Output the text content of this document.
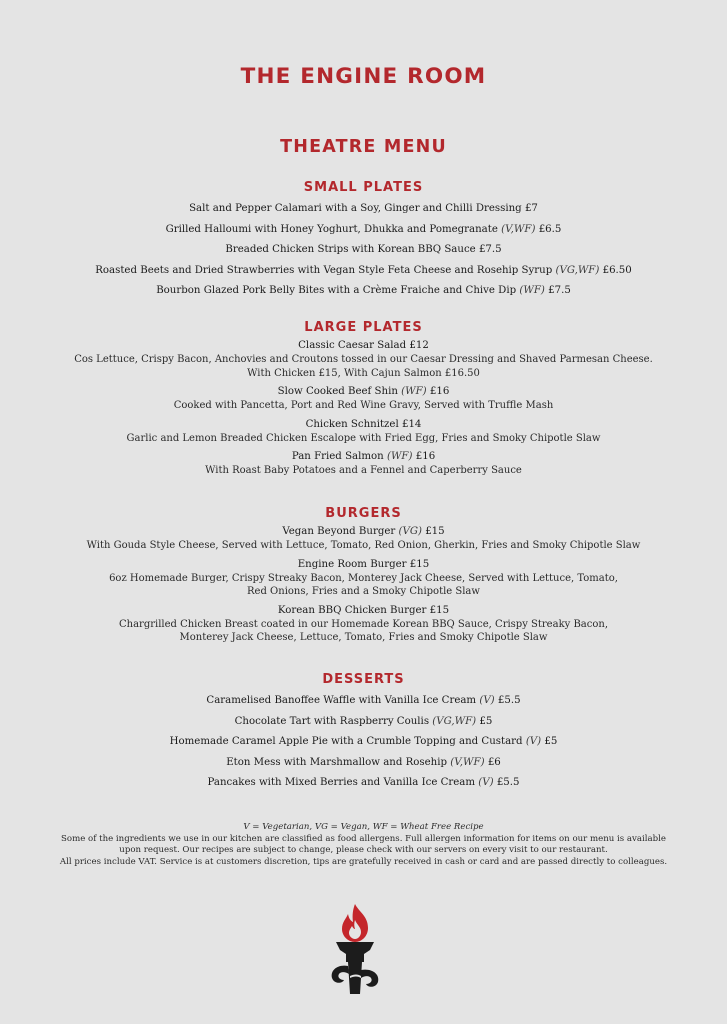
THE ENGINE ROOM
THEATRE MENU
SMALL PLATES
Salt and Pepper Calamari with a Soy, Ginger and Chilli Dressing £7
Grilled Halloumi with Honey Yoghurt, Dhukka and Pomegranate (V,WF) £6.5
Breaded Chicken Strips with Korean BBQ Sauce £7.5
Roasted Beets and Dried Strawberries with Vegan Style Feta Cheese and Rosehip Syrup (VG,WF) £6.50
Bourbon Glazed Pork Belly Bites with a Crème Fraiche and Chive Dip (WF) £7.5
LARGE PLATES
Classic Caesar Salad £12
Cos Lettuce, Crispy Bacon, Anchovies and Croutons tossed in our Caesar Dressing and Shaved Parmesan Cheese.
With Chicken £15, With Cajun Salmon £16.50
Slow Cooked Beef Shin (WF) £16
Cooked with Pancetta, Port and Red Wine Gravy, Served with Truffle Mash
Chicken Schnitzel £14
Garlic and Lemon Breaded Chicken Escalope with Fried Egg, Fries and Smoky Chipotle Slaw
Pan Fried Salmon (WF) £16
With Roast Baby Potatoes and a Fennel and Caperberry Sauce
BURGERS
Vegan Beyond Burger (VG) £15
With Gouda Style Cheese, Served with Lettuce, Tomato, Red Onion, Gherkin, Fries and Smoky Chipotle Slaw
Engine Room Burger £15
6oz Homemade Burger, Crispy Streaky Bacon, Monterey Jack Cheese, Served with Lettuce, Tomato,
Red Onions, Fries and a Smoky Chipotle Slaw
Korean BBQ Chicken Burger £15
Chargrilled Chicken Breast coated in our Homemade Korean BBQ Sauce, Crispy Streaky Bacon,
Monterey Jack Cheese, Lettuce, Tomato, Fries and Smoky Chipotle Slaw
DESSERTS
Caramelised Banoffee Waffle with Vanilla Ice Cream (V) £5.5
Chocolate Tart with Raspberry Coulis (VG,WF) £5
Homemade Caramel Apple Pie with a Crumble Topping and Custard (V) £5
Eton Mess with Marshmallow and Rosehip (V,WF) £6
Pancakes with Mixed Berries and Vanilla Ice Cream (V) £5.5
V = Vegetarian, VG = Vegan, WF = Wheat Free Recipe
Some of the ingredients we use in our kitchen are classified as food allergens. Full allergen information for items on our menu is available
upon request. Our recipes are subject to change, please check with our servers on every visit to our restaurant.
All prices include VAT. Service is at customers discretion, tips are gratefully received in cash or card and are passed directly to colleagues.
